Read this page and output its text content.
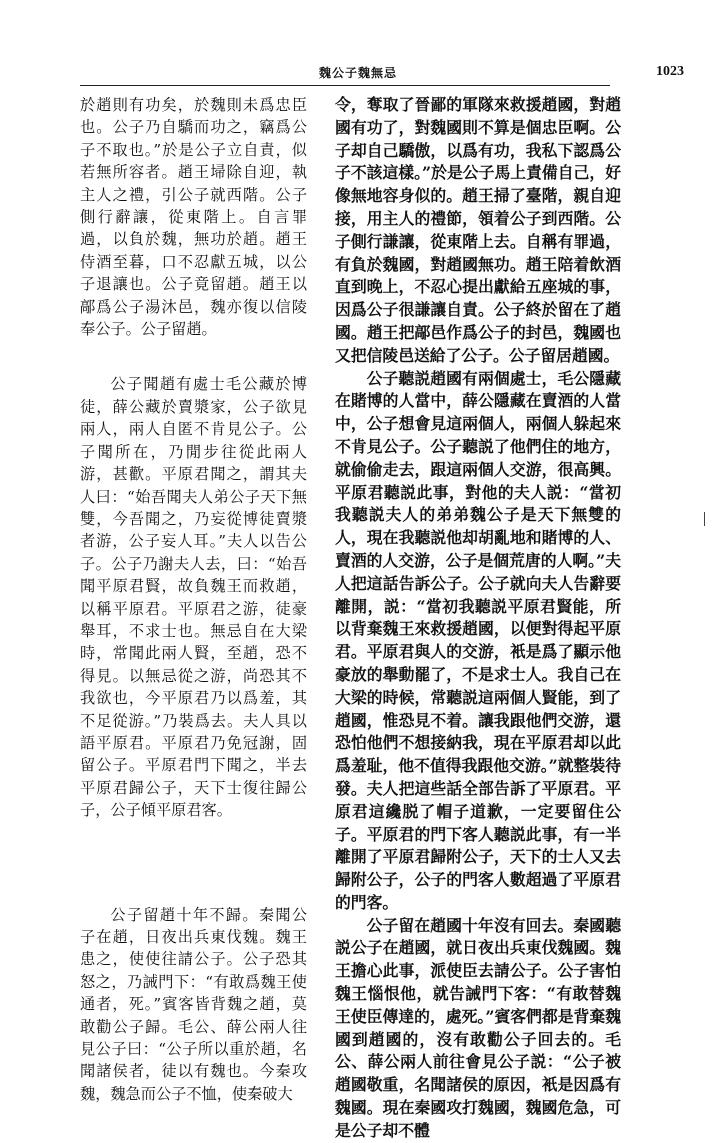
魏公子魏無忌	1023

於趙則有功矣，於魏則未爲忠臣也。公子乃自驕而功之，竊爲公子不取也。”於是公子立自責，似若無所容者。趙王埽除自迎，執主人之禮，引公子就西階。公子側行辭讓，從東階上。自言罪過，以負於魏，無功於趙。趙王侍酒至暮，口不忍獻五城，以公子退讓也。公子竟留趙。趙王以鄗爲公子湯沐邑，魏亦復以信陵奉公子。公子留趙。

公子聞趙有處士毛公藏於博徒，薛公藏於賣漿家，公子欲見兩人，兩人自匿不肯見公子。公子聞所在，乃閒步往從此兩人游，甚歡。平原君聞之，謂其夫人曰：“始吾聞夫人弟公子天下無雙，今吾聞之，乃妄從博徒賣漿者游，公子妄人耳。”夫人以告公子。公子乃謝夫人去，曰：“始吾聞平原君賢，故負魏王而救趙，以稱平原君。平原君之游，徒豪舉耳，不求士也。無忌自在大梁時，常聞此兩人賢，至趙，恐不得見。以無忌從之游，尚恐其不我欲也，今平原君乃以爲羞，其不足從游。”乃裝爲去。夫人具以語平原君。平原君乃免冠謝，固留公子。平原君門下聞之，半去平原君歸公子，天下士復往歸公子，公子傾平原君客。

公子留趙十年不歸。秦聞公子在趙，日夜出兵東伐魏。魏王患之，使使往請公子。公子恐其怒之，乃誡門下：“有敢爲魏王使通者，死。”賓客皆背魏之趙，莫敢勸公子歸。毛公、薛公兩人往見公子曰：“公子所以重於趙，名聞諸侯者，徒以有魏也。今秦攻魏，魏急而公子不恤，使秦破大

令，奪取了晉鄙的軍隊來救援趙國，對趙國有功了，對魏國則不算是個忠臣啊。公子却自己驕傲，以爲有功，我私下認爲公子不該這樣。”於是公子馬上責備自己，好像無地容身似的。趙王掃了臺階，親自迎接，用主人的禮節，領着公子到西階。公子側行謙讓，從東階上去。自稱有罪過，有負於魏國，對趙國無功。趙王陪着飲酒直到晚上，不忍心提出獻給五座城的事，因爲公子很謙讓自責。公子終於留在了趙國。趙王把鄗邑作爲公子的封邑，魏國也又把信陵邑送給了公子。公子留居趙國。

公子聽説趙國有兩個處士，毛公隱藏在賭博的人當中，薛公隱藏在賣酒的人當中，公子想會見這兩個人，兩個人躲起來不肯見公子。公子聽説了他們住的地方，就偷偷走去，跟這兩個人交游，很高興。平原君聽説此事，對他的夫人説：“當初我聽説夫人的弟弟魏公子是天下無雙的人，現在我聽説他却胡亂地和賭博的人、賣酒的人交游，公子是個荒唐的人啊。”夫人把這話告訴公子。公子就向夫人告辭要離開，説：“當初我聽説平原君賢能，所以背棄魏王來救援趙國，以便對得起平原君。平原君與人的交游，衹是爲了顯示他豪放的舉動罷了，不是求士人。我自己在大梁的時候，常聽説這兩個人賢能，到了趙國，惟恐見不着。讓我跟他們交游，還恐怕他們不想接納我，現在平原君却以此爲羞耻，他不值得我跟他交游。”就整裝待發。夫人把這些話全部告訴了平原君。平原君這纔脱了帽子道歉，一定要留住公子。平原君的門下客人聽説此事，有一半離開了平原君歸附公子，天下的士人又去歸附公子，公子的門客人數超過了平原君的門客。

公子留在趙國十年沒有回去。秦國聽説公子在趙國，就日夜出兵東伐魏國。魏王擔心此事，派使臣去請公子。公子害怕魏王惱恨他，就告誡門下客：“有敢替魏王使臣傳達的，處死。”賓客們都是背棄魏國到趙國的，沒有敢勸公子回去的。毛公、薛公兩人前往會見公子説：“公子被趙國敬重，名聞諸侯的原因，衹是因爲有魏國。現在秦國攻打魏國，魏國危急，可是公子却不體
